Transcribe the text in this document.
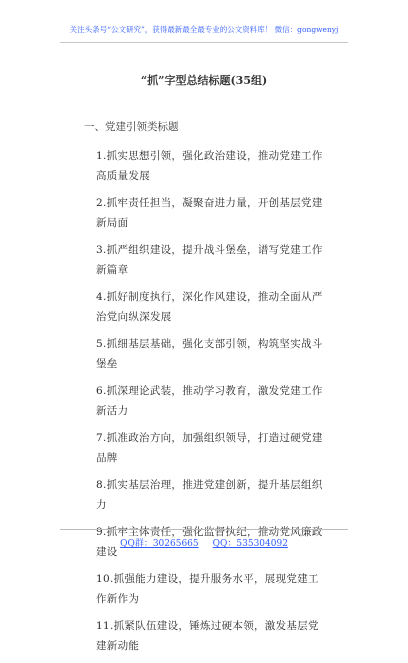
关注头条号“公文研究”，获得最新最全最专业的公文资料库！ 微信：gongwenyj
“抓”字型总结标题(35组)
一、党建引领类标题

1.抓实思想引领，强化政治建设，推动党建工作高质量发展

2.抓牢责任担当，凝聚奋进力量，开创基层党建新局面

3.抓严组织建设，提升战斗堡垒，谱写党建工作新篇章

4.抓好制度执行，深化作风建设，推动全面从严治党向纵深发展

5.抓细基层基础，强化支部引领，构筑坚实战斗堡垒

6.抓深理论武装，推动学习教育，激发党建工作新活力

7.抓准政治方向，加强组织领导，打造过硬党建品牌

8.抓实基层治理，推进党建创新，提升基层组织力

9.抓牢主体责任，强化监督执纪，推动党风廉政建设

10.抓强能力建设，提升服务水平，展现党建工作新作为

11.抓紧队伍建设，锤炼过硬本领，激发基层党建新动能

QQ群：30265665 QQ：535304092
